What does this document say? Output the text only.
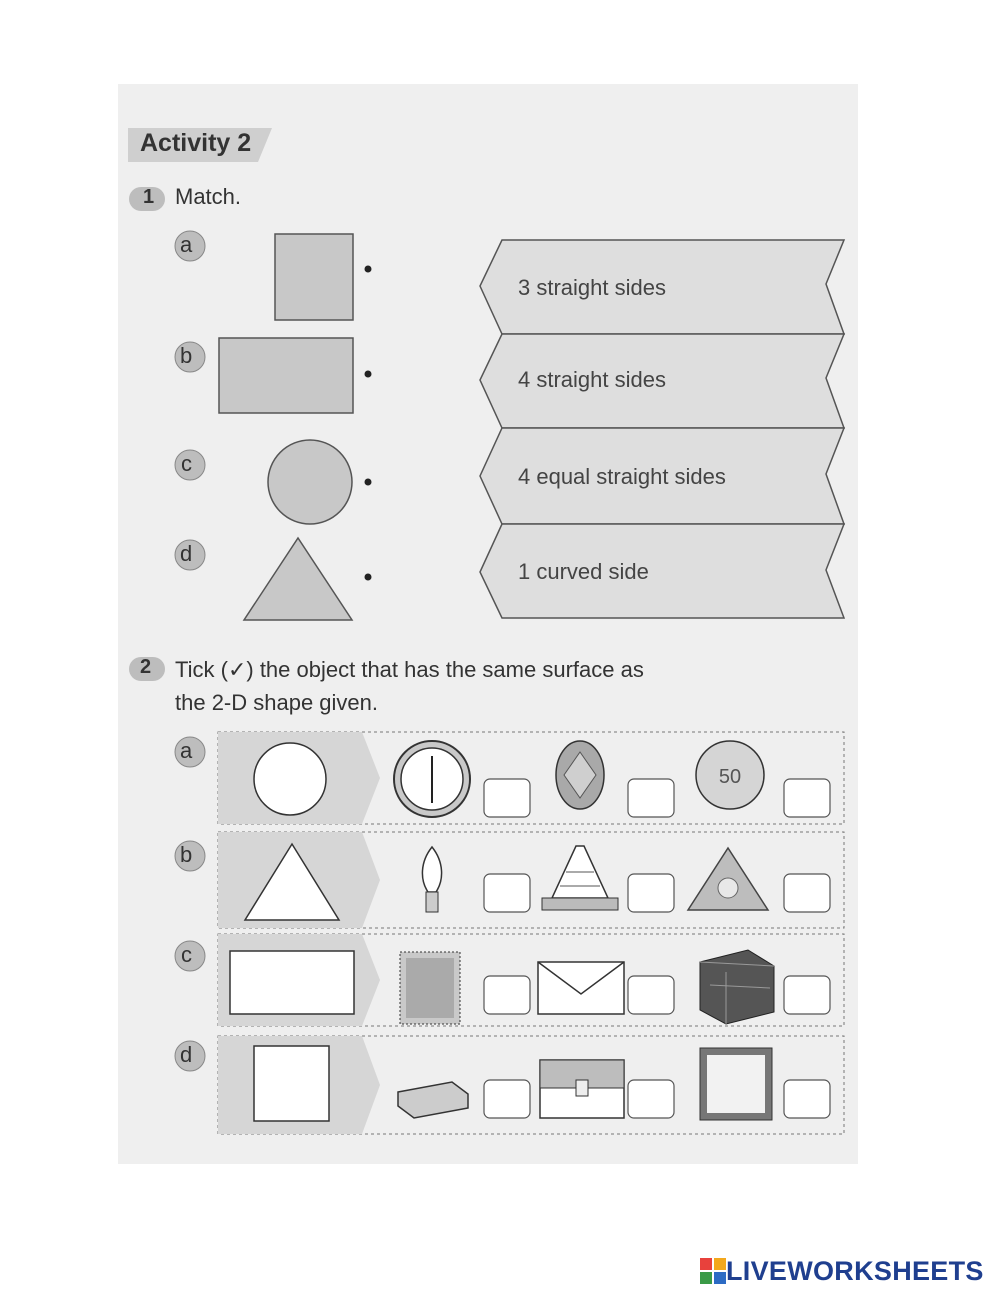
Activity 2
1 Match.
a
b
c
d
3 straight sides
4 straight sides
4 equal straight sides
1 curved side
2 Tick (✓) the object that has the same surface as
the 2-D shape given.
50
a
b
c
d
LIVEWORKSHEETS
